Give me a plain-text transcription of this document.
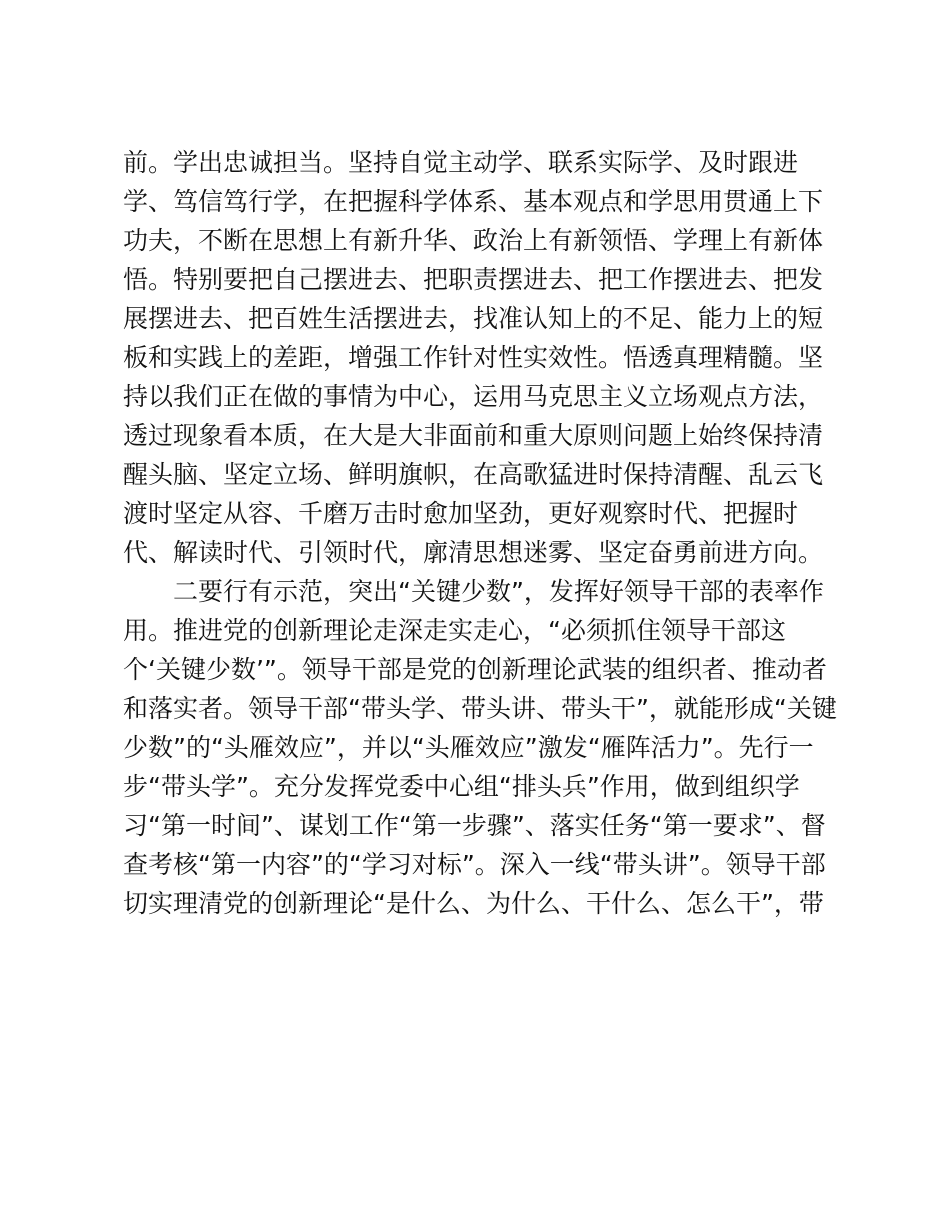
前。学出忠诚担当。坚持自觉主动学、联系实际学、及时跟进
学、笃信笃行学，在把握科学体系、基本观点和学思用贯通上下
功夫，不断在思想上有新升华、政治上有新领悟、学理上有新体
悟。特别要把自己摆进去、把职责摆进去、把工作摆进去、把发
展摆进去、把百姓生活摆进去，找准认知上的不足、能力上的短
板和实践上的差距，增强工作针对性实效性。悟透真理精髓。坚
持以我们正在做的事情为中心，运用马克思主义立场观点方法，
透过现象看本质，在大是大非面前和重大原则问题上始终保持清
醒头脑、坚定立场、鲜明旗帜，在高歌猛进时保持清醒、乱云飞
渡时坚定从容、千磨万击时愈加坚劲，更好观察时代、把握时
代、解读时代、引领时代，廓清思想迷雾、坚定奋勇前进方向。
二要行有示范，突出“关键少数”，发挥好领导干部的表率作
用。推进党的创新理论走深走实走心，“必须抓住领导干部这
个‘关键少数’”。领导干部是党的创新理论武装的组织者、推动者
和落实者。领导干部“带头学、带头讲、带头干”，就能形成“关键
少数”的“头雁效应”，并以“头雁效应”激发“雁阵活力”。先行一
步“带头学”。充分发挥党委中心组“排头兵”作用，做到组织学
习“第一时间”、谋划工作“第一步骤”、落实任务“第一要求”、督
查考核“第一内容”的“学习对标”。深入一线“带头讲”。领导干部
切实理清党的创新理论“是什么、为什么、干什么、怎么干”，带
